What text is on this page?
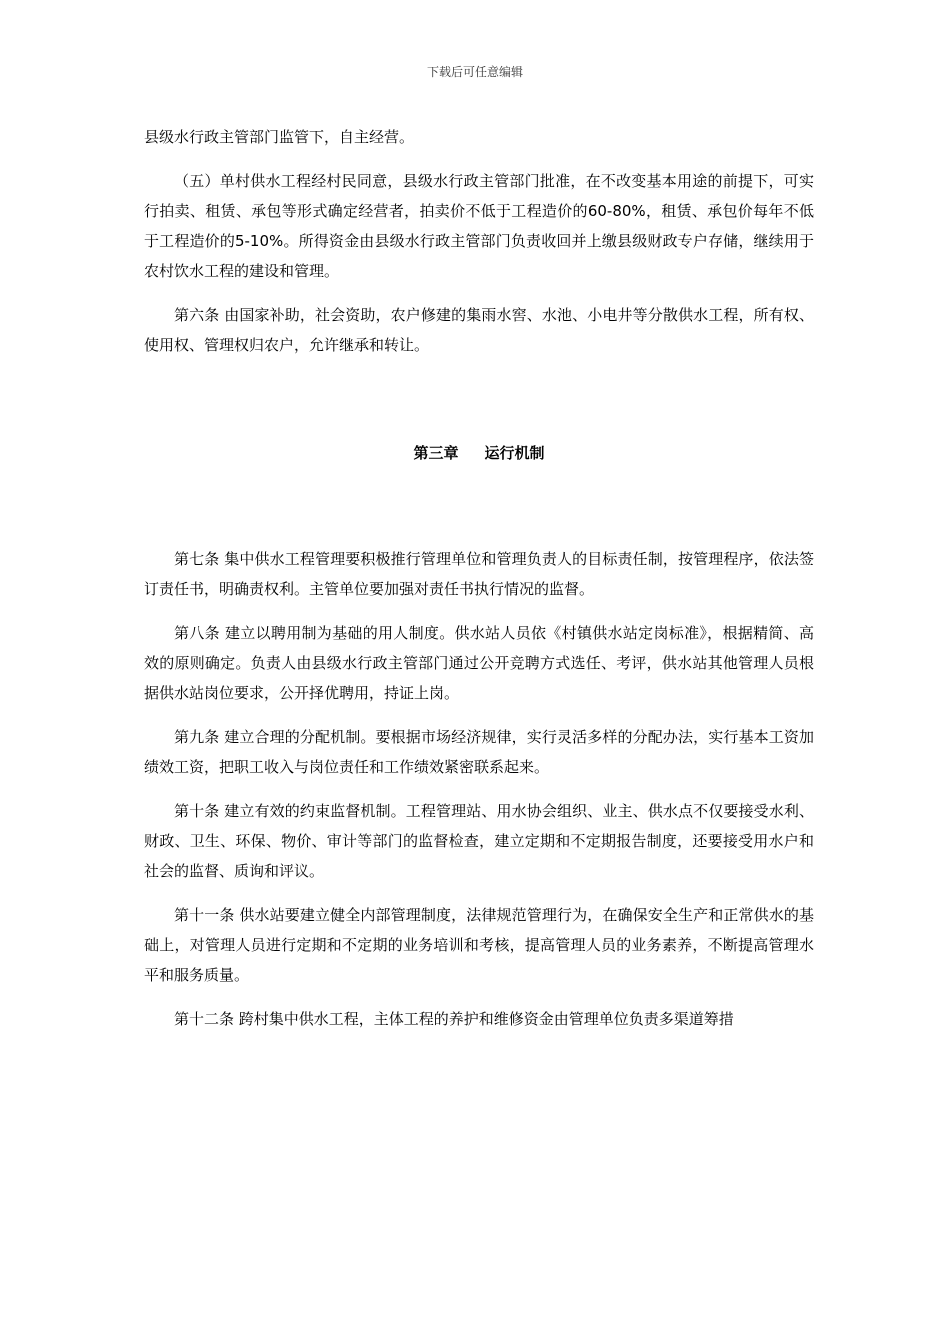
下载后可任意编辑

县级水行政主管部门监管下，自主经营。

（五）单村供水工程经村民同意，县级水行政主管部门批准，在不改变基本用途的前提下，可实行拍卖、租赁、承包等形式确定经营者，拍卖价不低于工程造价的60-80%，租赁、承包价每年不低于工程造价的5-10%。所得资金由县级水行政主管部门负责收回并上缴县级财政专户存储，继续用于农村饮水工程的建设和管理。

第六条 由国家补助，社会资助，农户修建的集雨水窖、水池、小电井等分散供水工程，所有权、使用权、管理权归农户，允许继承和转让。

第三章 运行机制

第七条 集中供水工程管理要积极推行管理单位和管理负责人的目标责任制，按管理程序，依法签订责任书，明确责权利。主管单位要加强对责任书执行情况的监督。

第八条 建立以聘用制为基础的用人制度。供水站人员依《村镇供水站定岗标准》，根据精简、高效的原则确定。负责人由县级水行政主管部门通过公开竞聘方式选任、考评，供水站其他管理人员根据供水站岗位要求，公开择优聘用，持证上岗。

第九条 建立合理的分配机制。要根据市场经济规律，实行灵活多样的分配办法，实行基本工资加绩效工资，把职工收入与岗位责任和工作绩效紧密联系起来。

第十条 建立有效的约束监督机制。工程管理站、用水协会组织、业主、供水点不仅要接受水利、财政、卫生、环保、物价、审计等部门的监督检查，建立定期和不定期报告制度，还要接受用水户和社会的监督、质询和评议。

第十一条 供水站要建立健全内部管理制度，法律规范管理行为，在确保安全生产和正常供水的基础上，对管理人员进行定期和不定期的业务培训和考核，提高管理人员的业务素养，不断提高管理水平和服务质量。

第十二条 跨村集中供水工程，主体工程的养护和维修资金由管理单位负责多渠道筹措
